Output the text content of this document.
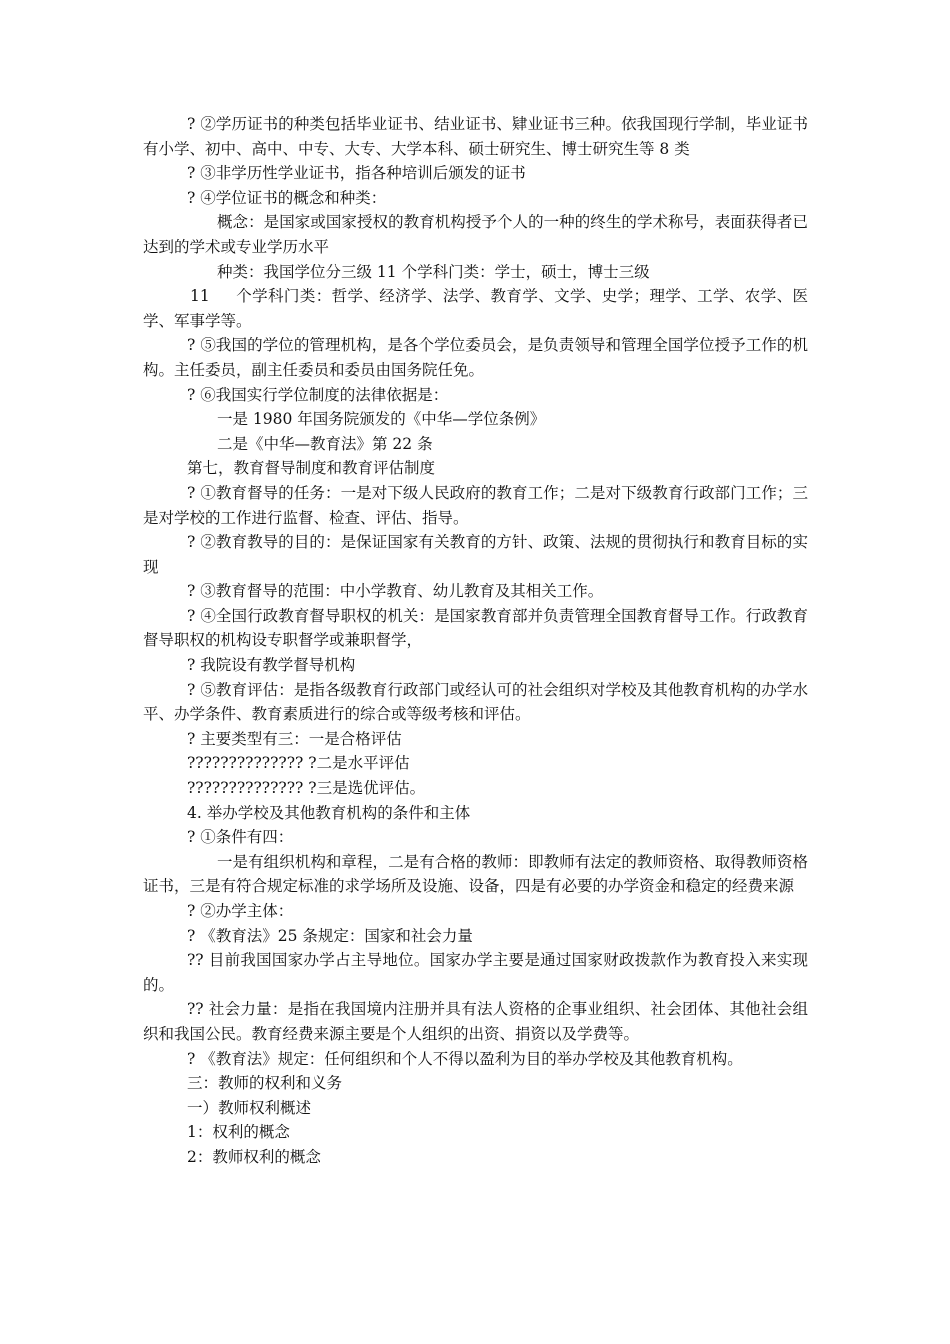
? ②学历证书的种类包括毕业证书、结业证书、肄业证书三种。依我国现行学制，毕业证书有小学、初中、高中、中专、大专、大学本科、硕士研究生、博士研究生等 8 类

? ③非学历性学业证书，指各种培训后颁发的证书

? ④学位证书的概念和种类：

概念：是国家或国家授权的教育机构授予个人的一种的终生的学术称号，表面获得者已达到的学术或专业学历水平

种类：我国学位分三级 11 个学科门类：学士，硕士，博士三级

11 　 个学科门类：哲学、经济学、法学、教育学、文学、史学；理学、工学、农学、医学、军事学等。

? ⑤我国的学位的管理机构，是各个学位委员会，是负责领导和管理全国学位授予工作的机构。主任委员，副主任委员和委员由国务院任免。

? ⑥我国实行学位制度的法律依据是：

一是 1980 年国务院颁发的《中华—学位条例》

二是《中华—教育法》第 22 条

第七，教育督导制度和教育评估制度

? ①教育督导的任务：一是对下级人民政府的教育工作；二是对下级教育行政部门工作；三是对学校的工作进行监督、检查、评估、指导。

? ②教育教导的目的：是保证国家有关教育的方针、政策、法规的贯彻执行和教育目标的实现

? ③教育督导的范围：中小学教育、幼儿教育及其相关工作。

? ④全国行政教育督导职权的机关：是国家教育部并负责管理全国教育督导工作。行政教育督导职权的机构设专职督学或兼职督学，

? 我院设有教学督导机构

? ⑤教育评估：是指各级教育行政部门或经认可的社会组织对学校及其他教育机构的办学水平、办学条件、教育素质进行的综合或等级考核和评估。

? 主要类型有三：一是合格评估

?????????????? ?二是水平评估

?????????????? ?三是选优评估。

4. 举办学校及其他教育机构的条件和主体

? ①条件有四：

一是有组织机构和章程，二是有合格的教师：即教师有法定的教师资格、取得教师资格证书，三是有符合规定标准的求学场所及设施、设备，四是有必要的办学资金和稳定的经费来源

? ②办学主体：

? 《教育法》25 条规定：国家和社会力量

?? 目前我国国家办学占主导地位。国家办学主要是通过国家财政拨款作为教育投入来实现的。

?? 社会力量：是指在我国境内注册并具有法人资格的企事业组织、社会团体、其他社会组织和我国公民。教育经费来源主要是个人组织的出资、捐资以及学费等。

? 《教育法》规定：任何组织和个人不得以盈利为目的举办学校及其他教育机构。

三：教师的权利和义务

一）教师权利概述

1：权利的概念

2：教师权利的概念
